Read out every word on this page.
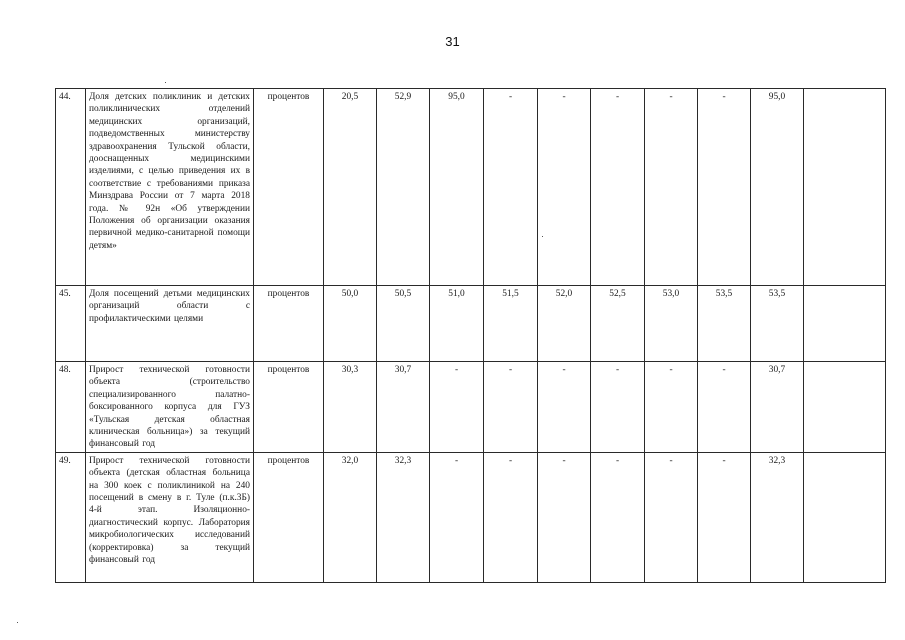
31
44.	Доля детских поликлиник и детских поликлинических отделений медицинских организаций, подведомственных министерству здравоохранения Тульской области, дооснащенных медицинскими изделиями, с целью приведения их в соответствие с требованиями приказа Минздрава России от 7 марта 2018 года. № 92н «Об утверждении Положения об организации оказания первичной медико-санитарной помощи детям»	процентов	20,5	52,9	95,0	-	-	-	-	-	95,0	
45.	Доля посещений детьми медицинских организаций области с профилактическими целями	процентов	50,0	50,5	51,0	51,5	52,0	52,5	53,0	53,5	53,5	
48.	Прирост технической готовности объекта (строительство специализированного палатно-боксированного корпуса для ГУЗ «Тульская детская областная клиническая больница») за текущий финансовый год	процентов	30,3	30,7	-	-	-	-	-	-	30,7	
49.	Прирост технической готовности объекта (детская областная больница на 300 коек с поликлиникой на 240 посещений в смену в г. Туле (п.к.3Б) 4-й этап. Изоляционно-диагностический корпус. Лаборатория микробиологических исследований (корректировка) за текущий финансовый год	процентов	32,0	32,3	-	-	-	-	-	-	32,3	
